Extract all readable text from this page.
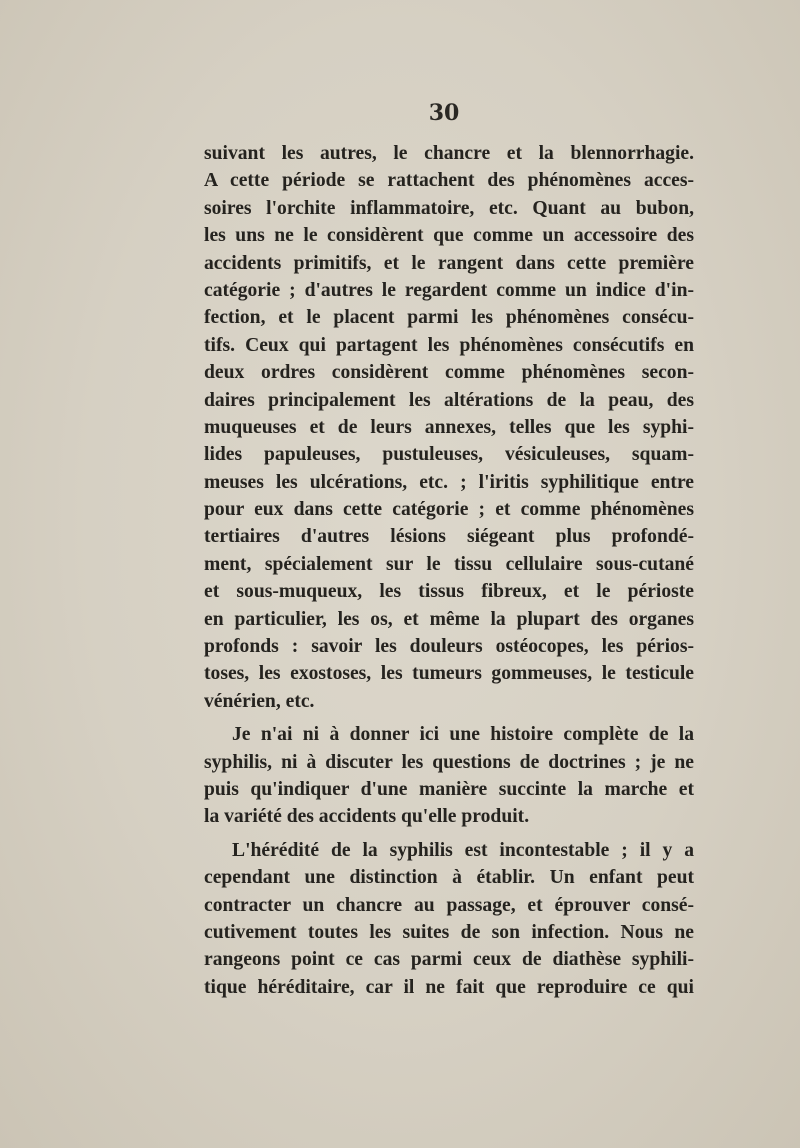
30
suivant les autres, le chancre et la blennorrhagie.
A cette période se rattachent des phénomènes acces-
soires l'orchite inflammatoire, etc. Quant au bubon,
les uns ne le considèrent que comme un accessoire des
accidents primitifs, et le rangent dans cette première
catégorie ; d'autres le regardent comme un indice d'in-
fection, et le placent parmi les phénomènes consécu-
tifs. Ceux qui partagent les phénomènes consécutifs en
deux ordres considèrent comme phénomènes secon-
daires principalement les altérations de la peau, des
muqueuses et de leurs annexes, telles que les syphi-
lides papuleuses, pustuleuses, vésiculeuses, squam-
meuses les ulcérations, etc. ; l'iritis syphilitique entre
pour eux dans cette catégorie ; et comme phénomènes
tertiaires d'autres lésions siégeant plus profondé-
ment, spécialement sur le tissu cellulaire sous-cutané
et sous-muqueux, les tissus fibreux, et le périoste
en particulier, les os, et même la plupart des organes
profonds : savoir les douleurs ostéocopes, les périos-
toses, les exostoses, les tumeurs gommeuses, le testicule
vénérien, etc.
Je n'ai ni à donner ici une histoire complète de la
syphilis, ni à discuter les questions de doctrines ; je ne
puis qu'indiquer d'une manière succinte la marche et
la variété des accidents qu'elle produit.
L'hérédité de la syphilis est incontestable ; il y a
cependant une distinction à établir. Un enfant peut
contracter un chancre au passage, et éprouver consé-
cutivement toutes les suites de son infection. Nous ne
rangeons point ce cas parmi ceux de diathèse syphili-
tique héréditaire, car il ne fait que reproduire ce qui
